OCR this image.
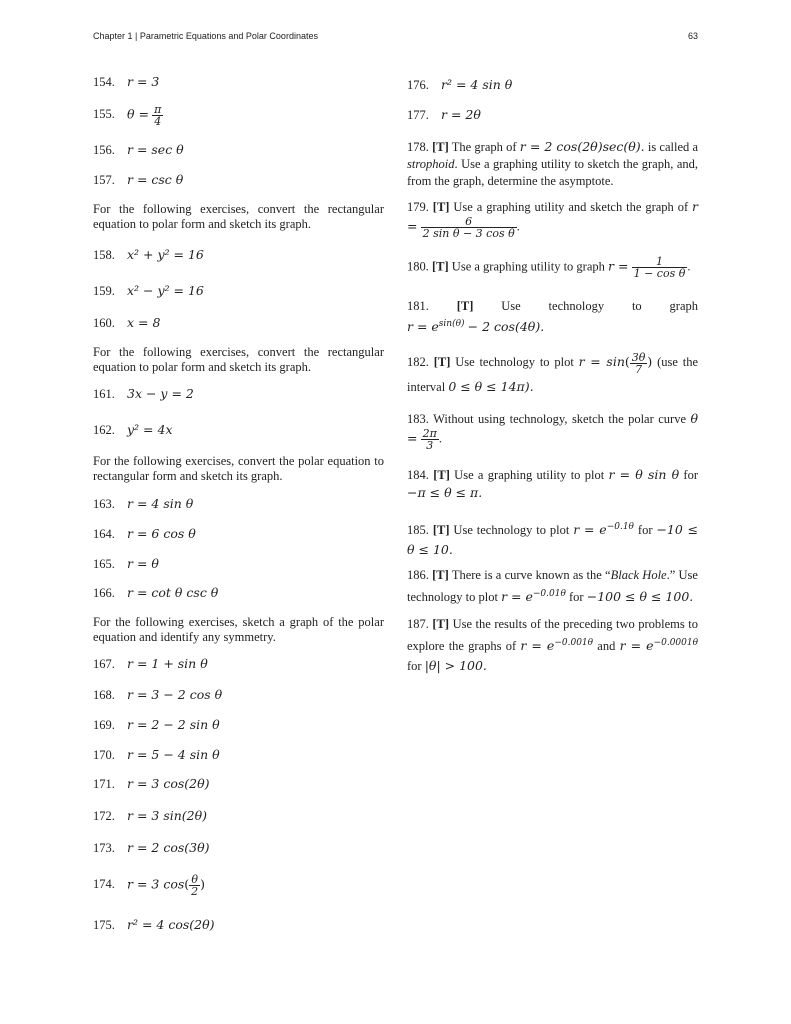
Chapter 1 | Parametric Equations and Polar Coordinates	63
154. r = 3
155. $\theta = \frac{\pi}{4}$
156. r = sec θ
157. r = csc θ
For the following exercises, convert the rectangular equation to polar form and sketch its graph.
158. x² + y² = 16
159. x² − y² = 16
160. x = 8
For the following exercises, convert the rectangular equation to polar form and sketch its graph.
161. 3x − y = 2
162. y² = 4x
For the following exercises, convert the polar equation to rectangular form and sketch its graph.
163. r = 4 sin θ
164. r = 6 cos θ
165. r = θ
166. r = cot θ csc θ
For the following exercises, sketch a graph of the polar equation and identify any symmetry.
167. r = 1 + sin θ
168. r = 3 − 2 cos θ
169. r = 2 − 2 sin θ
170. r = 5 − 4 sin θ
171. r = 3 cos(2θ)
172. r = 3 sin(2θ)
173. r = 2 cos(3θ)
174. r = 3 $\cos( \frac{\theta}{2}$ )
175. r² = 4 cos(2θ)
176. r² = 4 sin θ
177. r = 2θ
178. [T] The graph of r = 2 cos(2θ)sec(θ). is called a strophoid. Use a graphing utility to sketch the graph, and, from the graph, determine the asymptote.
179. [T] Use a graphing utility and sketch the graph of $r = \frac{6}{\text{2 sin θ − 3 cos θ}}$ .
180. [T] Use a graphing utility to graph $r = \frac{1}{\text{1 − cos θ}}$ .
181. [T] Use technology to graph
$r = e^{sin(\theta)} - 2$ cos(4θ).
182. [T] Use technology to plot $r = \sin( \frac{3\theta}{7}$ ) (use the interval 0 ≤ θ ≤ 14π).
183. Without using technology, sketch the polar curve $\theta = \frac{2\pi}{3}$ .
184. [T] Use a graphing utility to plot r = θ sin θ for −π ≤ θ ≤ π.
185. [T] Use technology to plot $r = e^{-0.1\theta}$ for −10 ≤ θ ≤ 10.
186. [T] There is a curve known as the “Black Hole.” Use technology to plot $r = e^{-0.01\theta}$ for −100 ≤ θ ≤ 100.
187. [T] Use the results of the preceding two problems to explore the graphs of $r = e^{-0.001\theta}$ and $r = e^{-0.0001\theta}$ for |θ| > 100.
